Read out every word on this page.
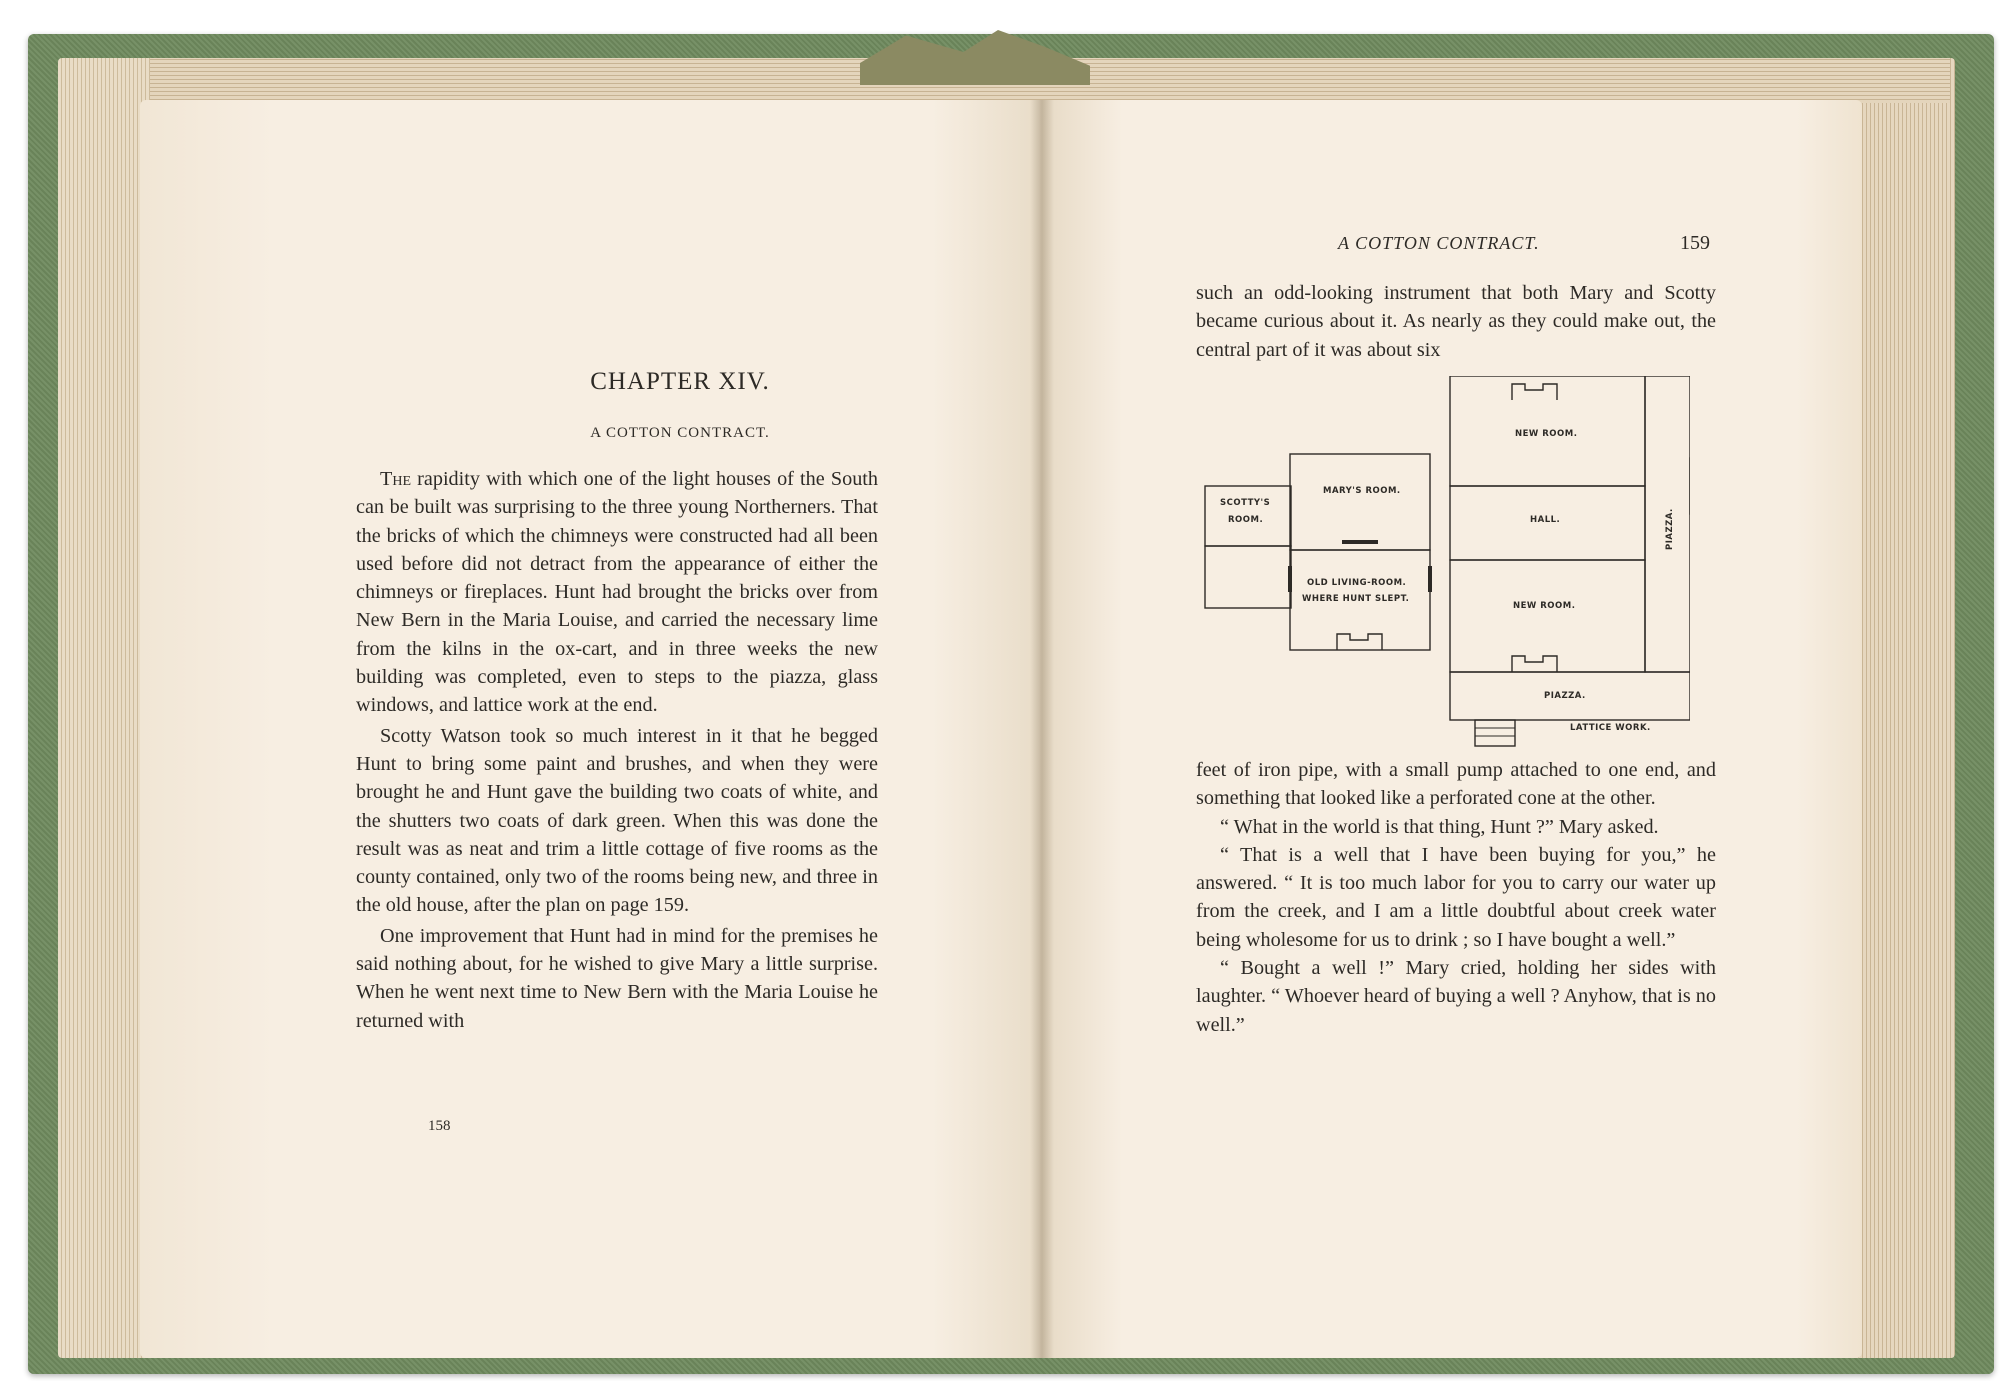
CHAPTER XIV.
A COTTON CONTRACT.

The rapidity with which one of the light houses of the South can be built was surprising to the three young Northerners. That the bricks of which the chimneys were constructed had all been used before did not detract from the appearance of either the chimneys or fireplaces. Hunt had brought the bricks over from New Bern in the Maria Louise, and carried the necessary lime from the kilns in the ox-cart, and in three weeks the new building was completed, even to steps to the piazza, glass windows, and lattice work at the end.

Scotty Watson took so much interest in it that he begged Hunt to bring some paint and brushes, and when they were brought he and Hunt gave the building two coats of white, and the shutters two coats of dark green. When this was done the result was as neat and trim a little cottage of five rooms as the county contained, only two of the rooms being new, and three in the old house, after the plan on page 159.

One improvement that Hunt had in mind for the premises he said nothing about, for he wished to give Mary a little surprise. When he went next time to New Bern with the Maria Louise he returned with

158
A COTTON CONTRACT.	159

such an odd-looking instrument that both Mary and Scotty became curious about it. As nearly as they could make out, the central part of it was about six

SCOTTY'S
ROOM.
MARY'S ROOM.
OLD LIVING-ROOM.
WHERE HUNT SLEPT.
NEW ROOM.
HALL.
NEW ROOM.
PIAZZA.
PIAZZA.
LATTICE WORK.

feet of iron pipe, with a small pump attached to one end, and something that looked like a perforated cone at the other.

“ What in the world is that thing, Hunt ?” Mary asked.

“ That is a well that I have been buying for you,” he answered. “ It is too much labor for you to carry our water up from the creek, and I am a little doubtful about creek water being wholesome for us to drink ; so I have bought a well.”

“ Bought a well !” Mary cried, holding her sides with laughter. “ Whoever heard of buying a well ? Anyhow, that is no well.”
